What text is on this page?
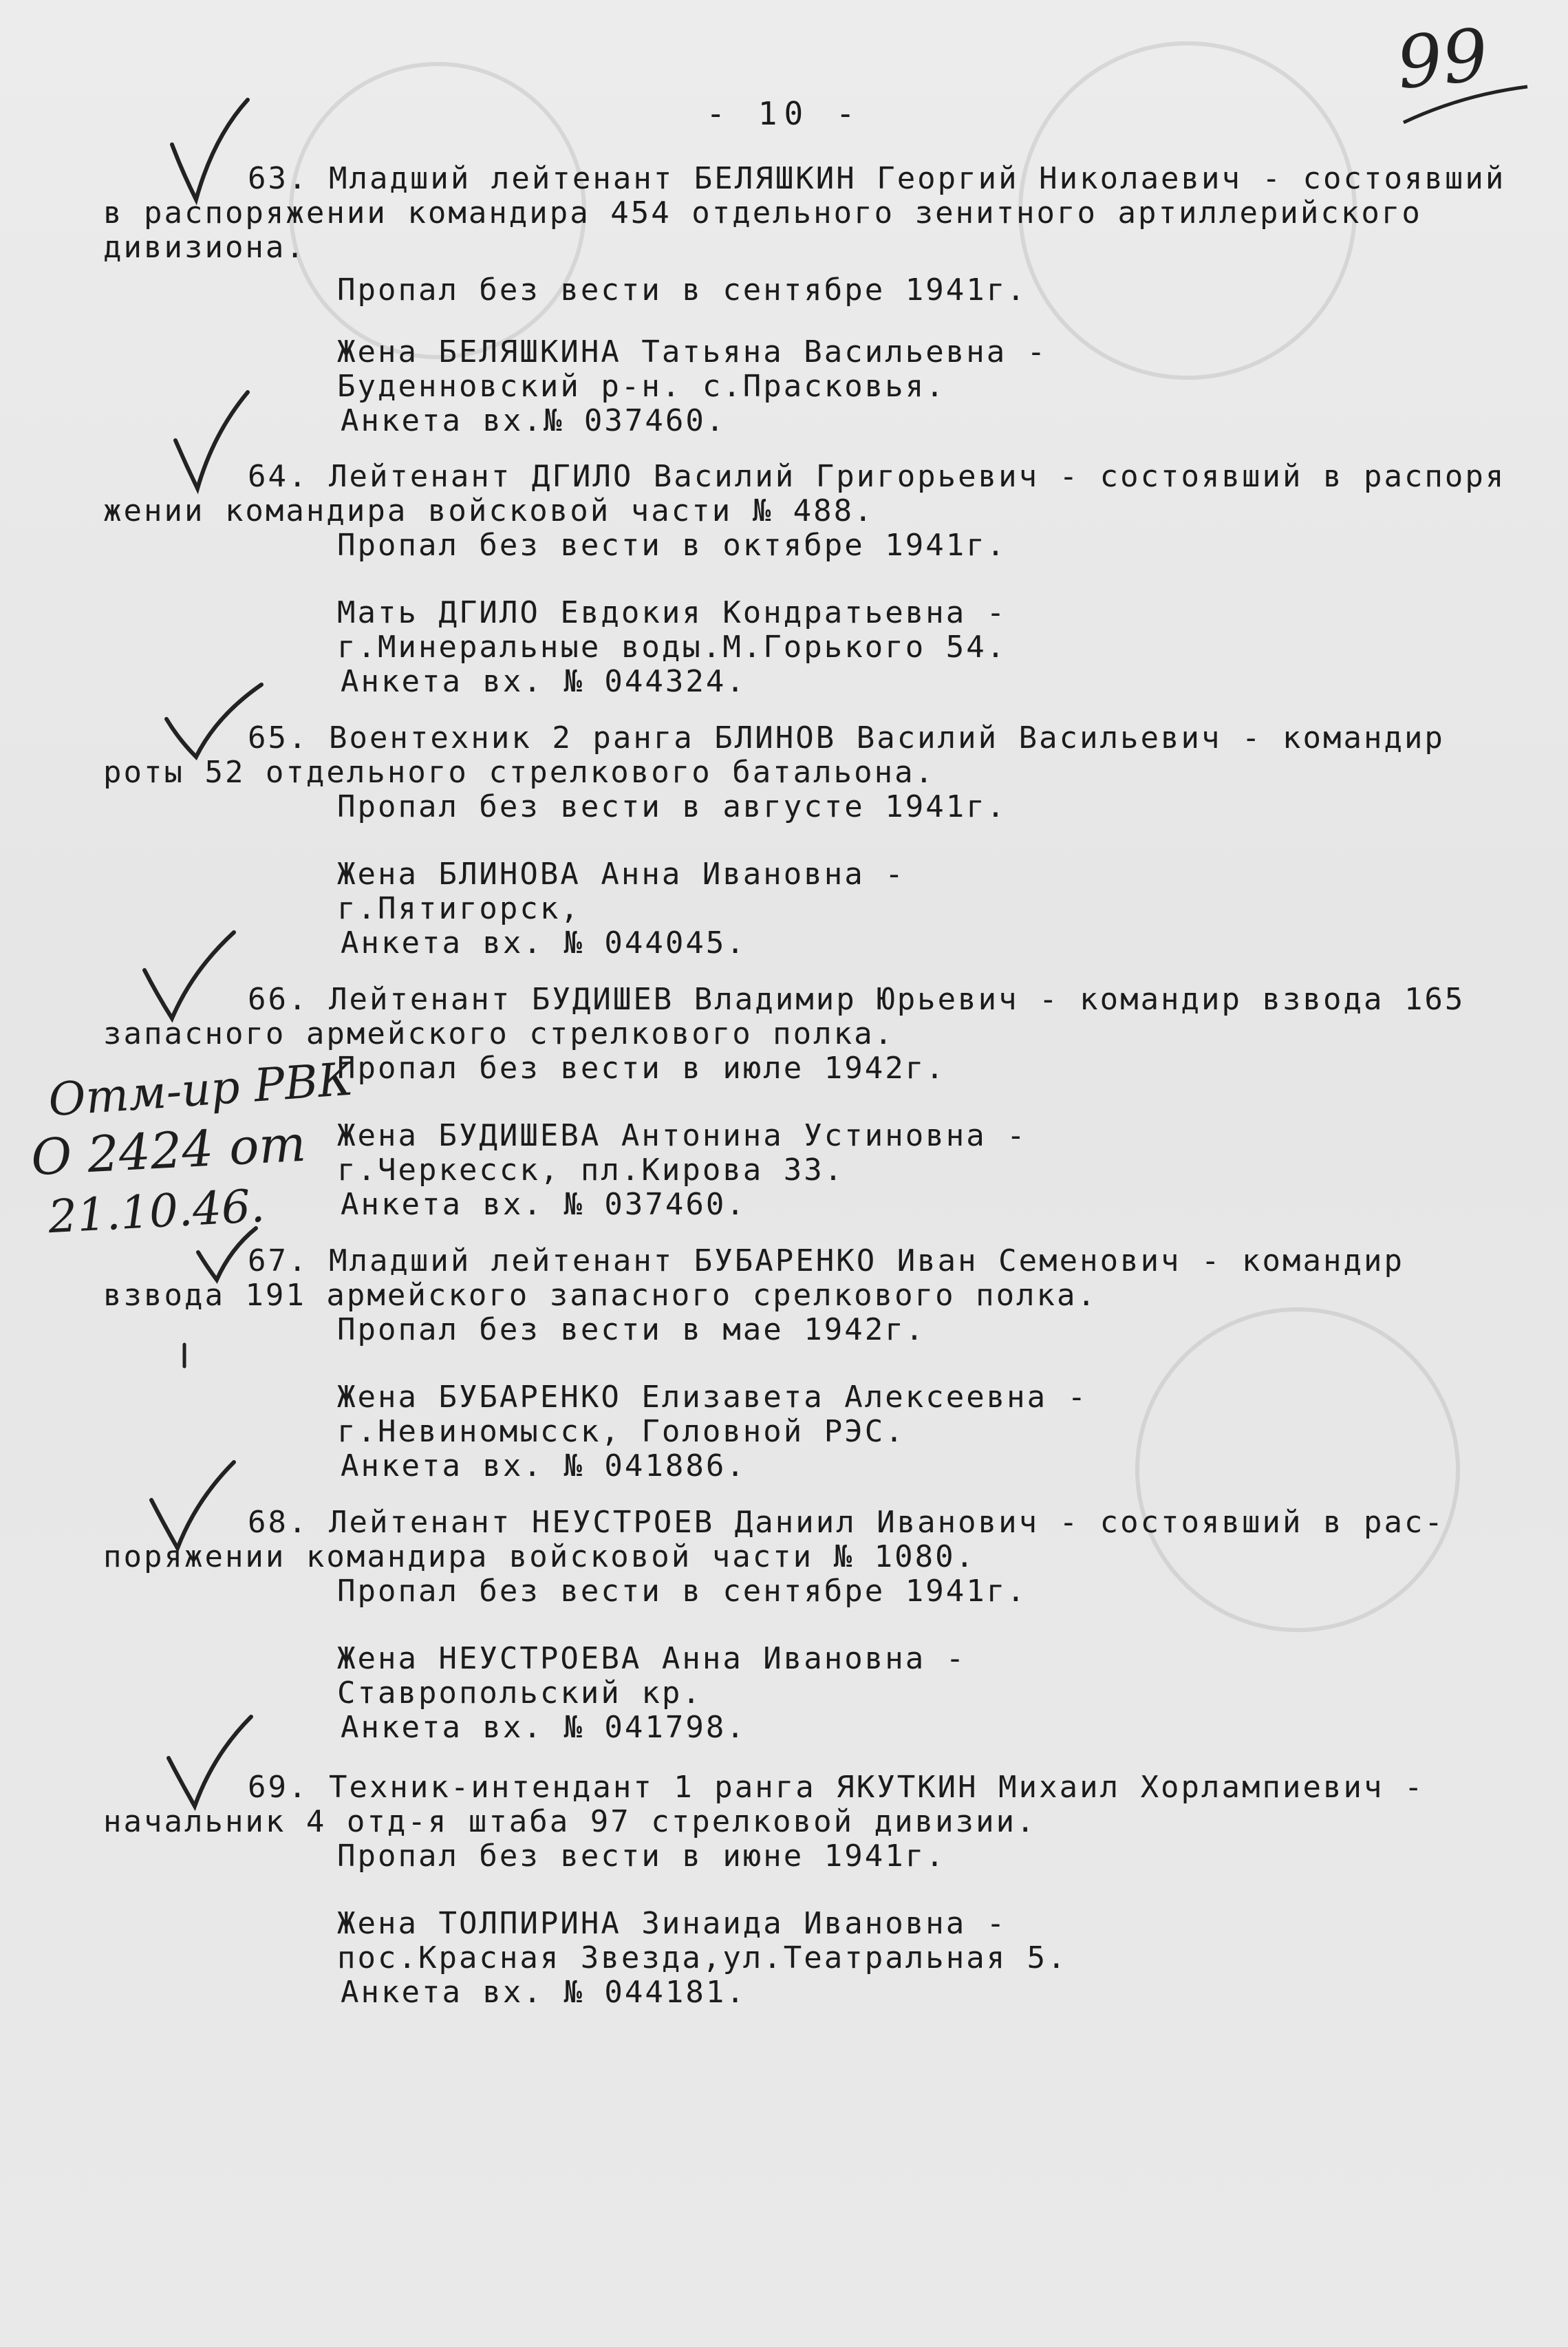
99
- 10 -
63. Младший лейтенант БЕЛЯШКИН Георгий Николаевич - состоявший
в распоряжении командира 454 отдельного зенитного артиллерийского
дивизиона.
Пропал без вести в сентябре 1941г.
Жена БЕЛЯШКИНА Татьяна Васильевна -
Буденновский р-н. с.Прасковья.
Анкета вх.№ 037460.
64. Лейтенант ДГИЛО Василий Григорьевич - состоявший в распоря
жении командира войсковой части № 488.
Пропал без вести в октябре 1941г.
Мать ДГИЛО Евдокия Кондратьевна -
г.Минеральные воды.М.Горького 54.
Анкета вх. № 044324.
65. Воентехник 2 ранга БЛИНОВ Василий Васильевич - командир
роты 52 отдельного стрелкового батальона.
Пропал без вести в августе 1941г.
Жена БЛИНОВА Анна Ивановна -
г.Пятигорск,
Анкета вх. № 044045.
66. Лейтенант БУДИШЕВ Владимир Юрьевич - командир взвода 165
запасного армейского стрелкового полка.
Пропал без вести в июле 1942г.
Жена БУДИШЕВА Антонина Устиновна -
г.Черкесск, пл.Кирова 33.
Анкета вх. № 037460.
67. Младший лейтенант БУБАРЕНКО Иван Семенович - командир
взвода 191 армейского запасного срелкового полка.
Пропал без вести в мае 1942г.
Жена БУБАРЕНКО Елизавета Алексеевна -
г.Невиномысск, Головной РЭС.
Анкета вх. № 041886.
68. Лейтенант НЕУСТРОЕВ Даниил Иванович - состоявший в рас-
поряжении командира войсковой части № 1080.
Пропал без вести в сентябре 1941г.
Жена НЕУСТРОЕВА Анна Ивановна -
Ставропольский кр.
Анкета вх. № 041798.
69. Техник-интендант 1 ранга ЯКУТКИН Михаил Хорлампиевич -
начальник 4 отд-я штаба 97 стрелковой дивизии.
Пропал без вести в июне 1941г.
Жена ТОЛПИРИНА Зинаида Ивановна -
пос.Красная Звезда,ул.Театральная 5.
Анкета вх. № 044181.
Отм-ир РВК
О 2424 от
21.10.46.
